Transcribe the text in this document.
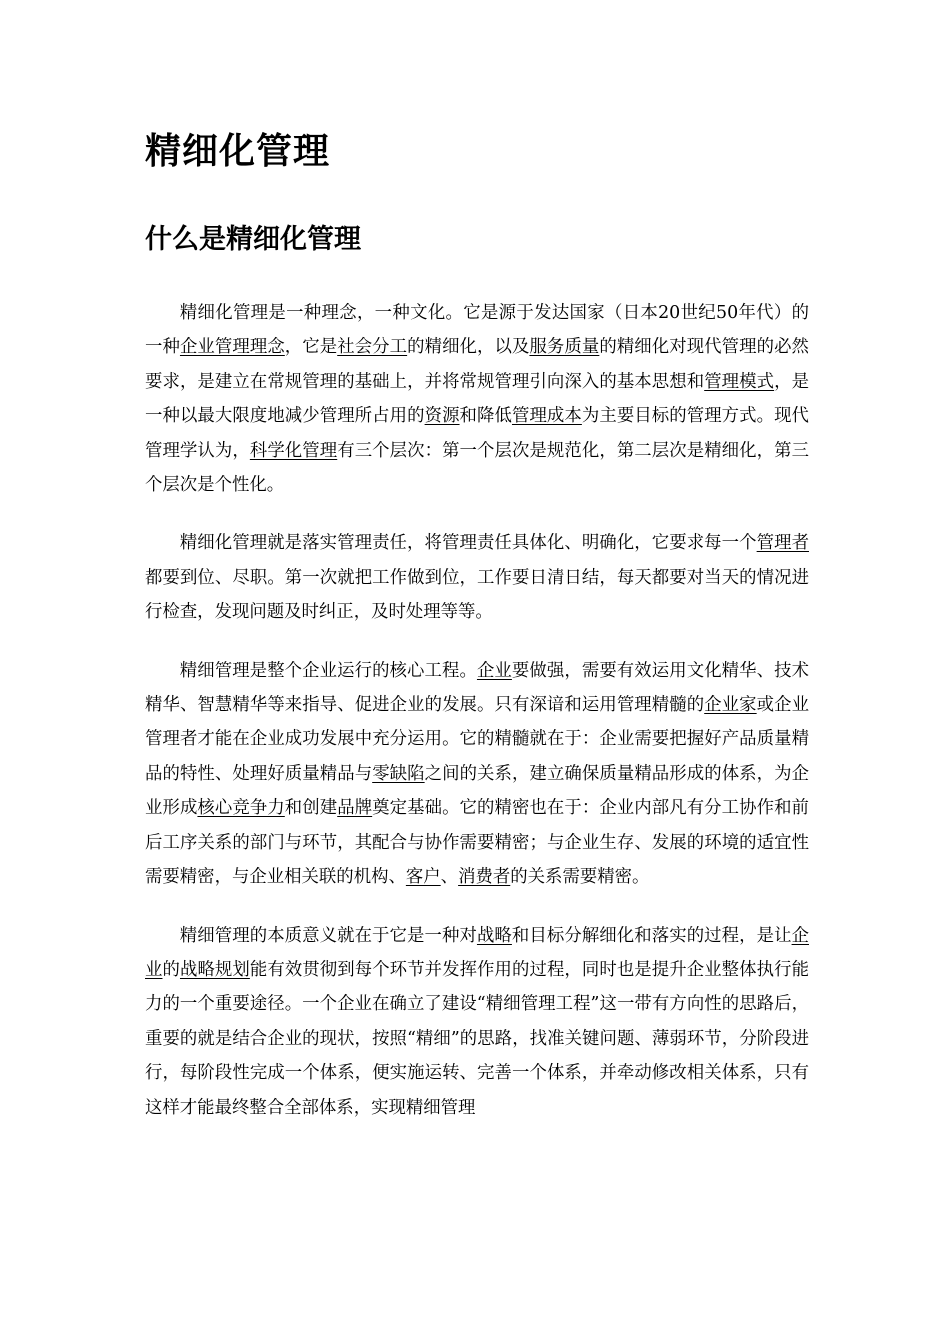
精细化管理
什么是精细化管理

精细化管理是一种理念，一种文化。它是源于发达国家（日本20世纪50年代）的一种企业管理理念，它是社会分工的精细化，以及服务质量的精细化对现代管理的必然要求，是建立在常规管理的基础上，并将常规管理引向深入的基本思想和管理模式，是一种以最大限度地减少管理所占用的资源和降低管理成本为主要目标的管理方式。现代管理学认为，科学化管理有三个层次：第一个层次是规范化，第二层次是精细化，第三个层次是个性化。

精细化管理就是落实管理责任，将管理责任具体化、明确化，它要求每一个管理者都要到位、尽职。第一次就把工作做到位，工作要日清日结，每天都要对当天的情况进行检查，发现问题及时纠正，及时处理等等。

精细管理是整个企业运行的核心工程。企业要做强，需要有效运用文化精华、技术精华、智慧精华等来指导、促进企业的发展。只有深谙和运用管理精髓的企业家或企业管理者才能在企业成功发展中充分运用。它的精髓就在于：企业需要把握好产品质量精品的特性、处理好质量精品与零缺陷之间的关系，建立确保质量精品形成的体系，为企业形成核心竞争力和创建品牌奠定基础。它的精密也在于：企业内部凡有分工协作和前后工序关系的部门与环节，其配合与协作需要精密；与企业生存、发展的环境的适宜性需要精密，与企业相关联的机构、客户、消费者的关系需要精密。

精细管理的本质意义就在于它是一种对战略和目标分解细化和落实的过程，是让企业的战略规划能有效贯彻到每个环节并发挥作用的过程，同时也是提升企业整体执行能力的一个重要途径。一个企业在确立了建设“精细管理工程”这一带有方向性的思路后，重要的就是结合企业的现状，按照“精细”的思路，找准关键问题、薄弱环节，分阶段进行，每阶段性完成一个体系，便实施运转、完善一个体系，并牵动修改相关体系，只有这样才能最终整合全部体系，实现精细管理
